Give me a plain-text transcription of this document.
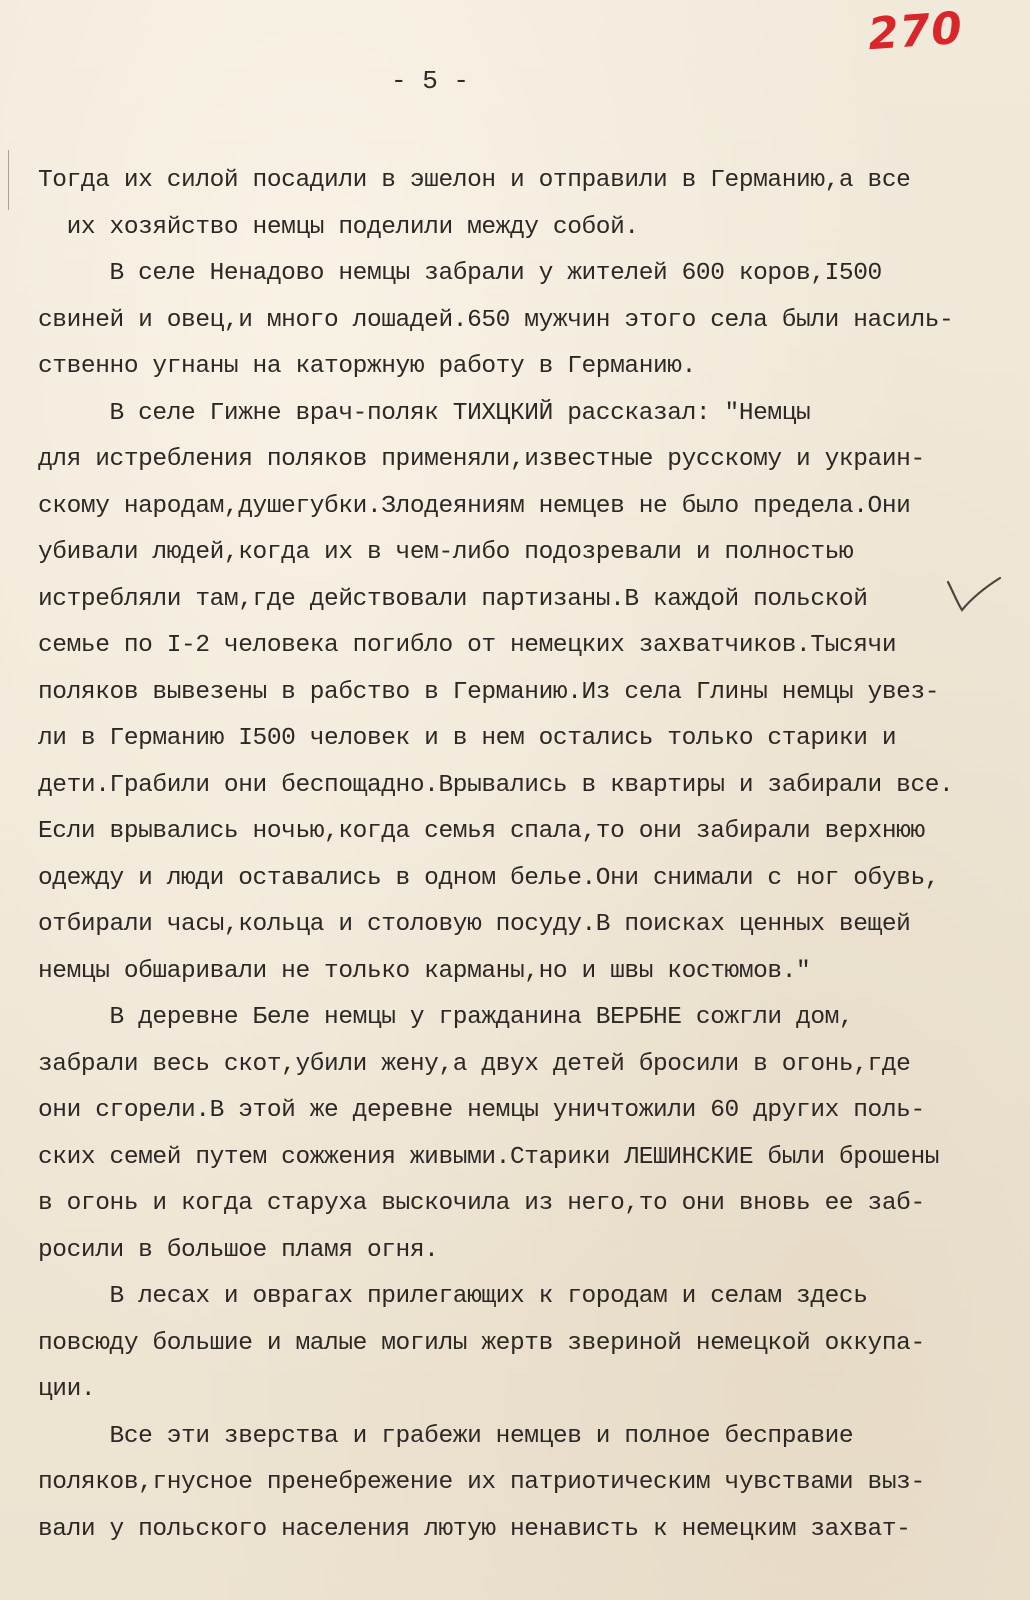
270
- 5 -
Тогда их силой посадили в эшелон и отправили в Германию,а все
их хозяйство немцы поделили между собой.
В селе Ненадово немцы забрали у жителей 600 коров,I500
свиней и овец,и много лошадей.650 мужчин этого села были насиль-
ственно угнаны на каторжную работу в Германию.
В селе Гижне врач-поляк ТИХЦКИЙ рассказал: "Немцы
для истребления поляков применяли,известные русскому и украин-
скому народам,душегубки.Злодеяниям немцев не было предела.Они
убивали людей,когда их в чем-либо подозревали и полностью
истребляли там,где действовали партизаны.В каждой польской
семье по I-2 человека погибло от немецких захватчиков.Тысячи
поляков вывезены в рабство в Германию.Из села Глины немцы увез-
ли в Германию I500 человек и в нем остались только старики и
дети.Грабили они беспощадно.Врывались в квартиры и забирали все.
Если врывались ночью,когда семья спала,то они забирали верхнюю
одежду и люди оставались в одном белье.Они снимали с ног обувь,
отбирали часы,кольца и столовую посуду.В поисках ценных вещей
немцы обшаривали не только карманы,но и швы костюмов."
В деревне Беле немцы у гражданина ВЕРБНЕ сожгли дом,
забрали весь скот,убили жену,а двух детей бросили в огонь,где
они сгорели.В этой же деревне немцы уничтожили 60 других поль-
ских семей путем сожжения живыми.Старики ЛЕШИНСКИЕ были брошены
в огонь и когда старуха выскочила из него,то они вновь ее заб-
росили в большое пламя огня.
В лесах и оврагах прилегающих к городам и селам здесь
повсюду большие и малые могилы жертв звериной немецкой оккупа-
ции.
Все эти зверства и грабежи немцев и полное бесправие
поляков,гнусное пренебрежение их патриотическим чувствами выз-
вали у польского населения лютую ненависть к немецким захват-
